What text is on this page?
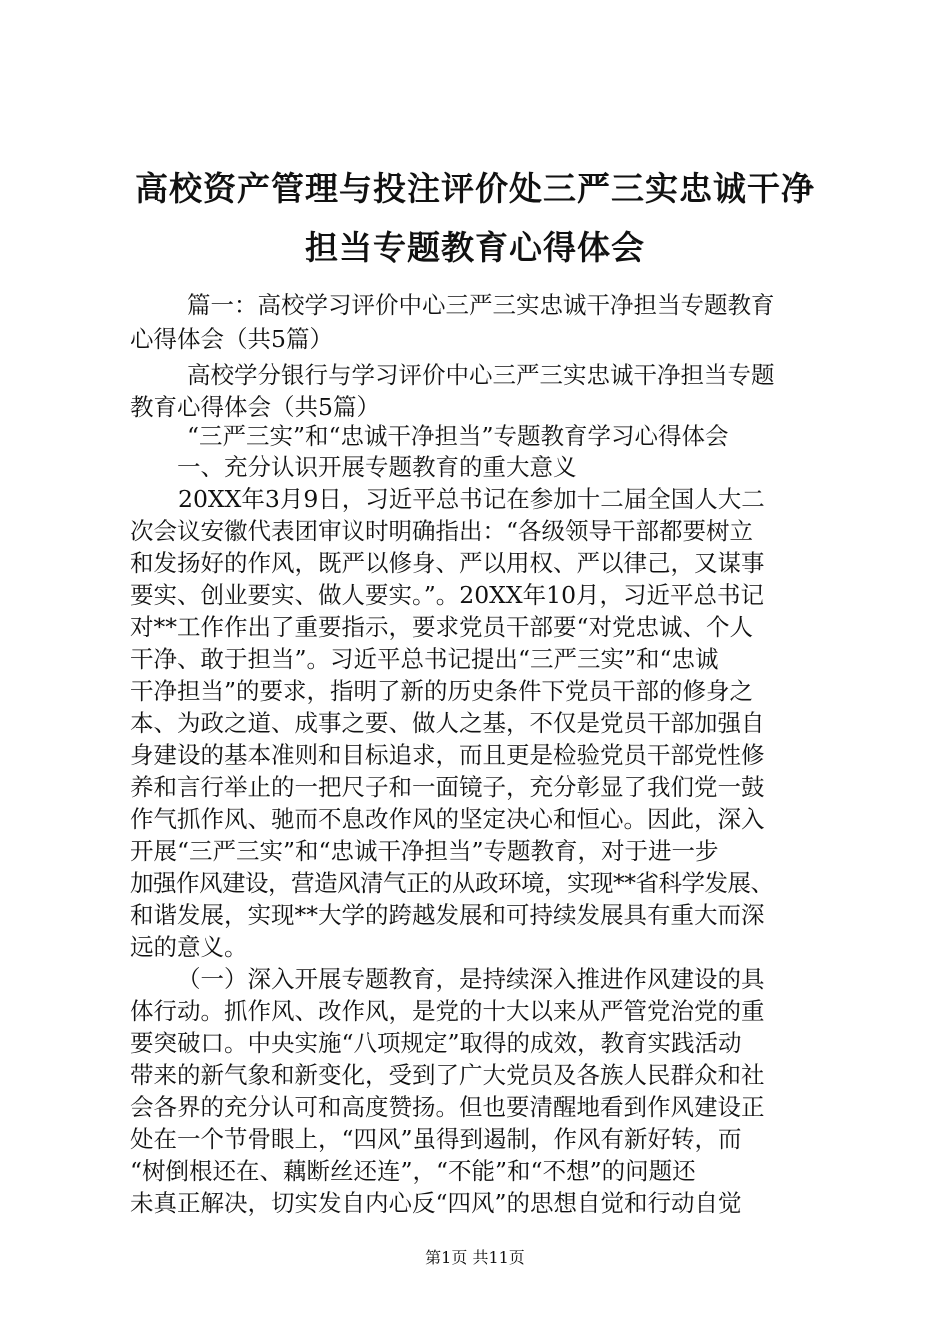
高校资产管理与投注评价处三严三实忠诚干净
担当专题教育心得体会

篇一：高校学习评价中心三严三实忠诚干净担当专题教育

心得体会（共5篇）

高校学分银行与学习评价中心三严三实忠诚干净担当专题

教育心得体会（共5篇）

“三严三实”和“忠诚干净担当”专题教育学习心得体会

一、充分认识开展专题教育的重大意义

20XX年3月9日，习近平总书记在参加十二届全国人大二

次会议安徽代表团审议时明确指出：“各级领导干部都要树立

和发扬好的作风，既严以修身、严以用权、严以律己，又谋事

要实、创业要实、做人要实。”。20XX年10月，习近平总书记

对**工作作出了重要指示，要求党员干部要“对党忠诚、个人

干净、敢于担当”。习近平总书记提出“三严三实”和“忠诚

干净担当”的要求，指明了新的历史条件下党员干部的修身之

本、为政之道、成事之要、做人之基，不仅是党员干部加强自

身建设的基本准则和目标追求，而且更是检验党员干部党性修

养和言行举止的一把尺子和一面镜子，充分彰显了我们党一鼓

作气抓作风、驰而不息改作风的坚定决心和恒心。因此，深入

开展“三严三实”和“忠诚干净担当”专题教育，对于进一步

加强作风建设，营造风清气正的从政环境，实现**省科学发展、

和谐发展，实现**大学的跨越发展和可持续发展具有重大而深

远的意义。

（一）深入开展专题教育，是持续深入推进作风建设的具

体行动。抓作风、改作风，是党的十大以来从严管党治党的重

要突破口。中央实施“八项规定”取得的成效，教育实践活动

带来的新气象和新变化，受到了广大党员及各族人民群众和社

会各界的充分认可和高度赞扬。但也要清醒地看到作风建设正

处在一个节骨眼上，“四风”虽得到遏制，作风有新好转，而

“树倒根还在、藕断丝还连”，“不能”和“不想”的问题还

未真正解决，切实发自内心反“四风”的思想自觉和行动自觉

第1页 共11页
